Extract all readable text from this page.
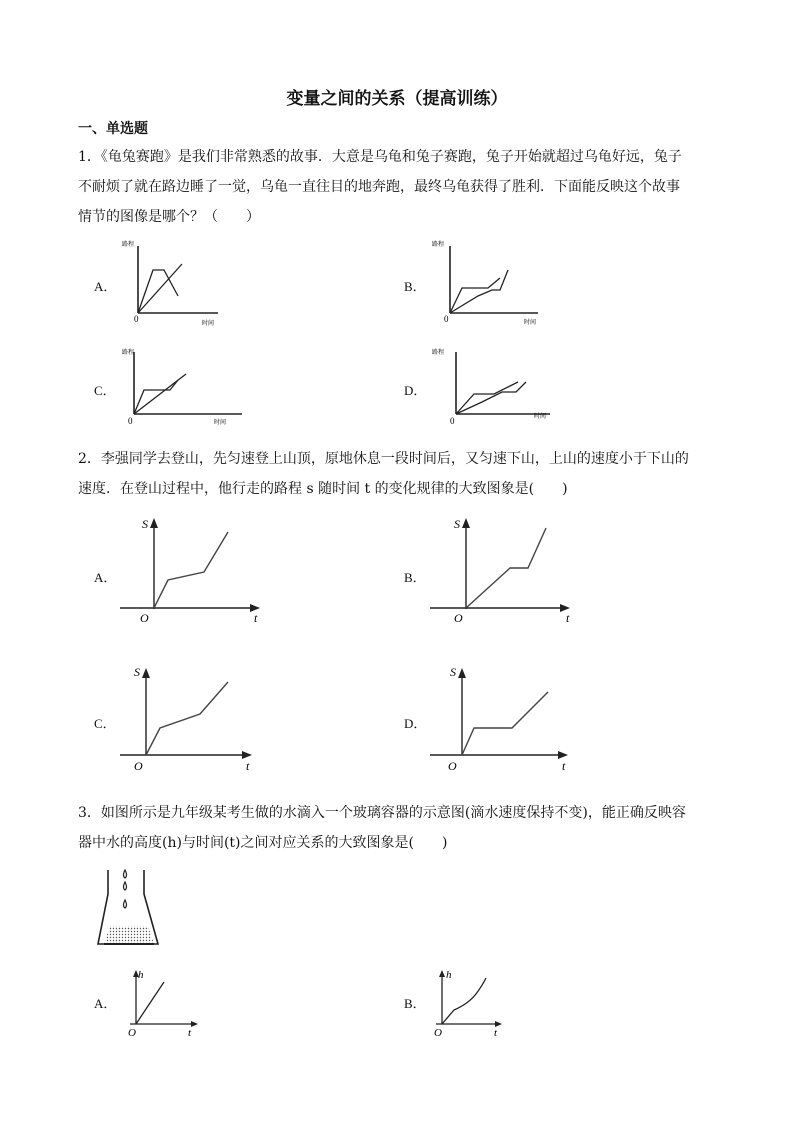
变量之间的关系（提高训练）
一、单选题
1．《龟兔赛跑》是我们非常熟悉的故事．大意是乌龟和兔子赛跑，兔子开始就超过乌龟好远，兔子
不耐烦了就在路边睡了一觉，乌龟一直往目的地奔跑，最终乌龟获得了胜利．下面能反映这个故事
情节的图像是哪个？（　　）
A．
路程
0	时间
B．
路程
0	时间
C．
路程
0	时间
D．
路程
0	时间
2．李强同学去登山，先匀速登上山顶，原地休息一段时间后，又匀速下山，上山的速度小于下山的
速度．在登山过程中，他行走的路程 s 随时间 t 的变化规律的大致图象是(　　)
A．
S
O	t
B．
S
O	t
C．
S
O	t
D．
S
O	t
3．如图所示是九年级某考生做的水滴入一个玻璃容器的示意图(滴水速度保持不变)，能正确反映容
器中水的高度(h)与时间(t)之间对应关系的大致图象是(　　)
A．
h
O	t
B．
h
O	t
